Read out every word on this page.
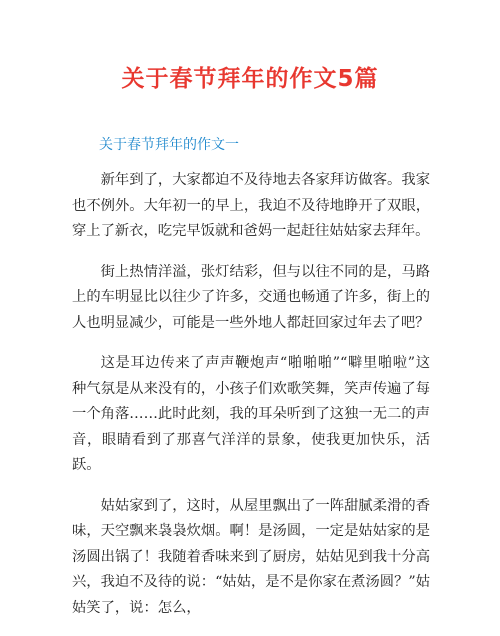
关于春节拜年的作文5篇
关于春节拜年的作文一

新年到了，大家都迫不及待地去各家拜访做客。我家也不例外。大年初一的早上，我迫不及待地睁开了双眼，穿上了新衣，吃完早饭就和爸妈一起赶往姑姑家去拜年。

街上热情洋溢，张灯结彩，但与以往不同的是，马路上的车明显比以往少了许多，交通也畅通了许多，街上的人也明显减少，可能是一些外地人都赶回家过年去了吧？

这是耳边传来了声声鞭炮声“啪啪啪”“噼里啪啦”这种气氛是从来没有的，小孩子们欢歌笑舞，笑声传遍了每一个角落……此时此刻，我的耳朵听到了这独一无二的声音，眼睛看到了那喜气洋洋的景象，使我更加快乐，活跃。

姑姑家到了，这时，从屋里飘出了一阵甜腻柔滑的香味，天空飘来袅袅炊烟。啊！是汤圆，一定是姑姑家的是汤圆出锅了！我随着香味来到了厨房，姑姑见到我十分高兴，我迫不及待的说：“姑姑，是不是你家在煮汤圆？”姑姑笑了，说：怎么，
